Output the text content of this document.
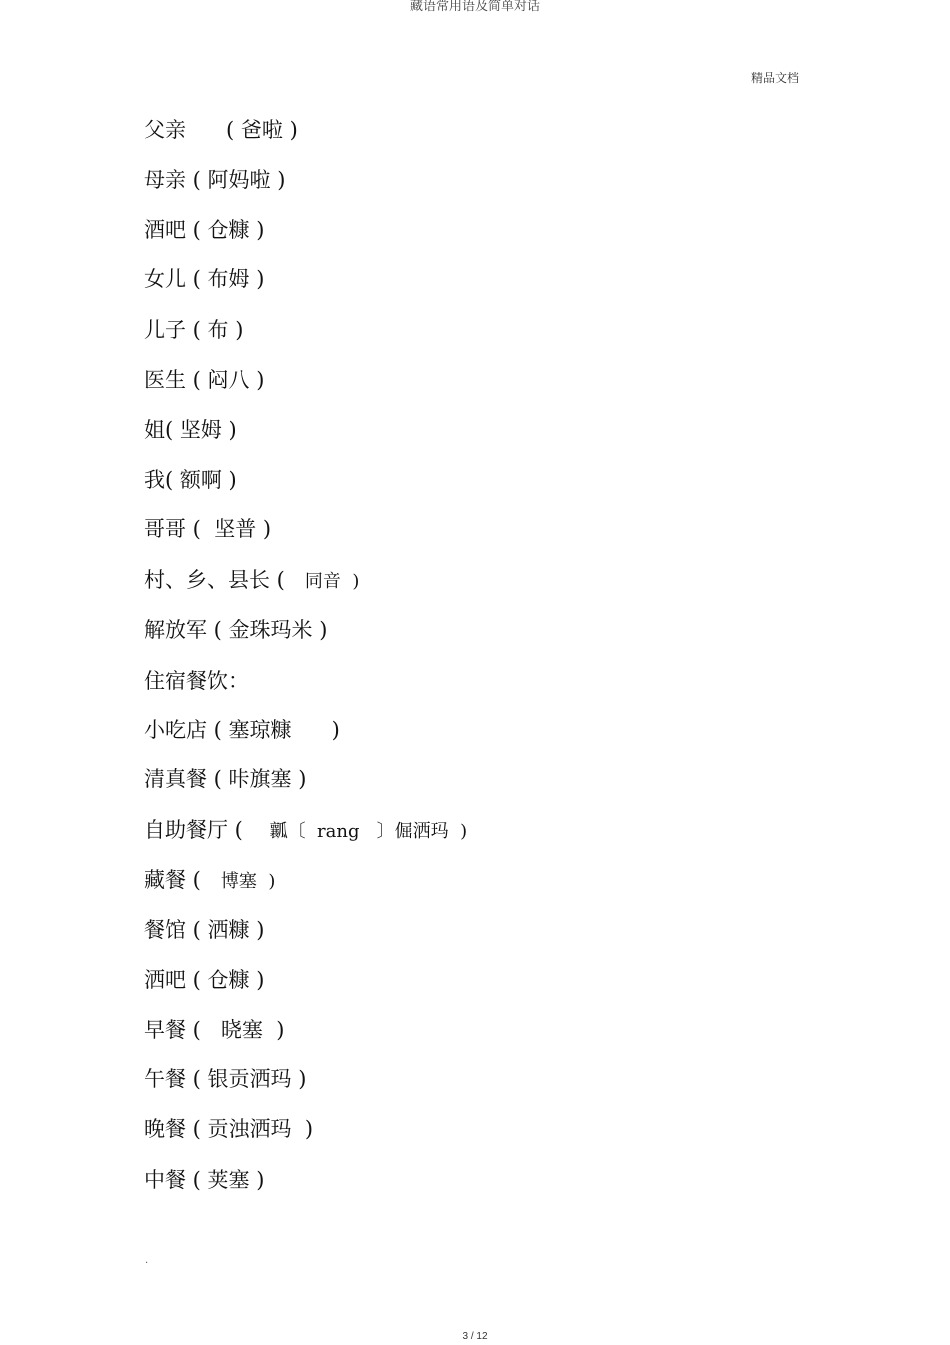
藏语常用语及简单对话
精品文档
父亲      ( 爸啦 )
母亲 ( 阿妈啦 )
酒吧 ( 仓糠 )
女儿 ( 布姆 )
儿子 ( 布 )
医生 ( 闷八 )
姐( 坚姆 )
我( 额啊 )
哥哥 (  坚普 )
村、乡、县长 (   同音  )
解放军 ( 金珠玛米 )
住宿餐饮：
小吃店 ( 塞琼糠      )
清真餐 ( 咔旗塞 )
自助餐厅 (    瓤〔  rang   〕倔洒玛  )
藏餐 (   博塞  )
餐馆 ( 洒糠 )
洒吧 ( 仓糠 )
早餐 (   晓塞  )
午餐 ( 银贡洒玛 )
晚餐 ( 贡浊洒玛  )
中餐 ( 荚塞 )
.
3 / 12
